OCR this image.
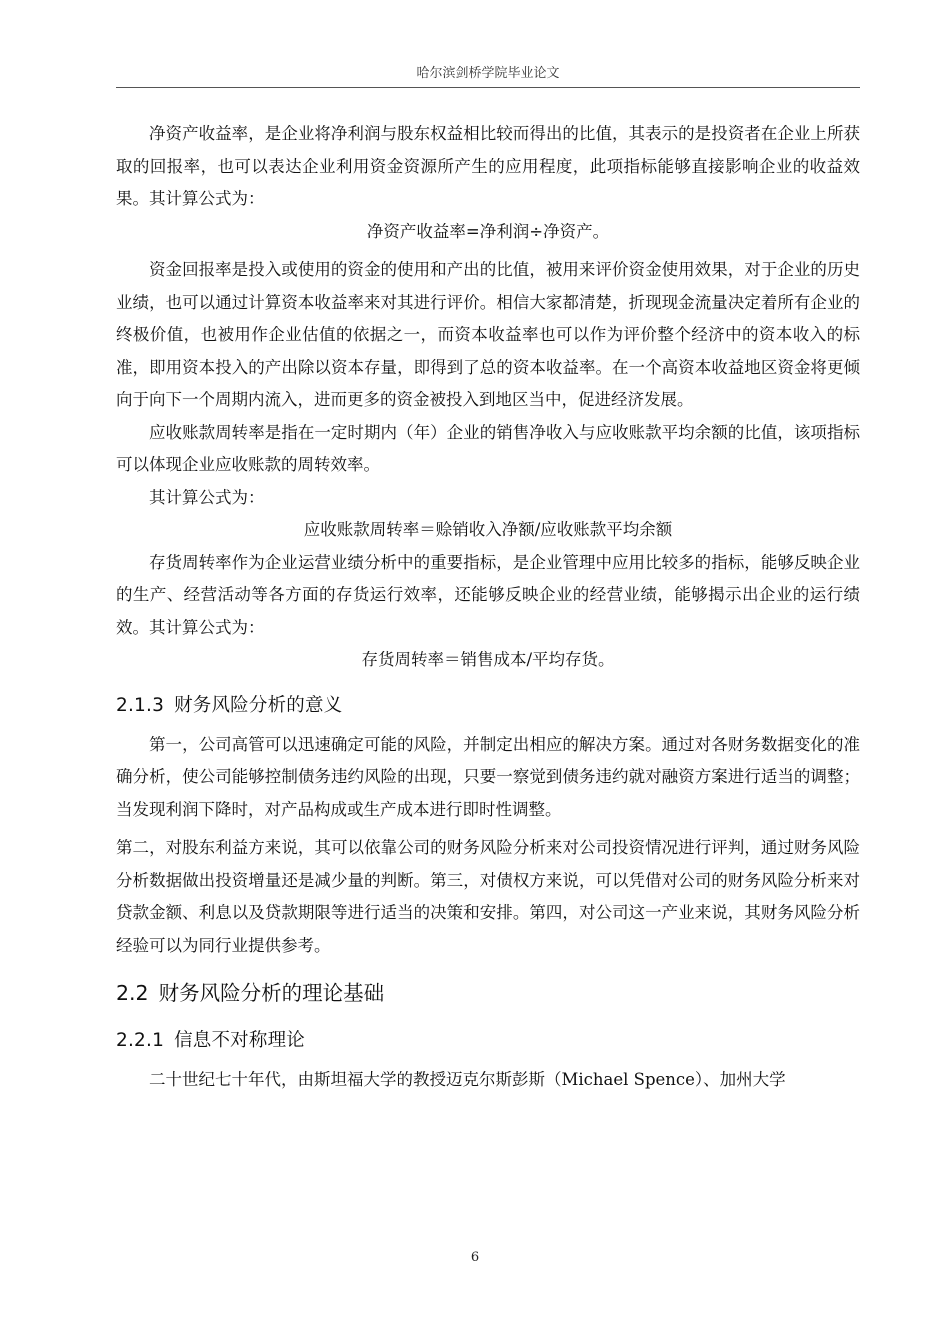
哈尔滨剑桥学院毕业论文

净资产收益率，是企业将净利润与股东权益相比较而得出的比值，其表示的是投资者在企业上所获取的回报率，也可以表达企业利用资金资源所产生的应用程度，此项指标能够直接影响企业的收益效果。其计算公式为：

净资产收益率=净利润÷净资产。

资金回报率是投入或使用的资金的使用和产出的比值，被用来评价资金使用效果，对于企业的历史业绩，也可以通过计算资本收益率来对其进行评价。相信大家都清楚，折现现金流量决定着所有企业的终极价值，也被用作企业估值的依据之一，而资本收益率也可以作为评价整个经济中的资本收入的标准，即用资本投入的产出除以资本存量，即得到了总的资本收益率。在一个高资本收益地区资金将更倾向于向下一个周期内流入，进而更多的资金被投入到地区当中，促进经济发展。

应收账款周转率是指在一定时期内（年）企业的销售净收入与应收账款平均余额的比值，该项指标可以体现企业应收账款的周转效率。

其计算公式为：

应收账款周转率＝赊销收入净额/应收账款平均余额

存货周转率作为企业运营业绩分析中的重要指标，是企业管理中应用比较多的指标，能够反映企业的生产、经营活动等各方面的存货运行效率，还能够反映企业的经营业绩，能够揭示出企业的运行绩效。其计算公式为：

存货周转率＝销售成本/平均存货。

2.1.3 财务风险分析的意义

第一，公司高管可以迅速确定可能的风险，并制定出相应的解决方案。通过对各财务数据变化的准确分析，使公司能够控制债务违约风险的出现，只要一察觉到债务违约就对融资方案进行适当的调整；当发现利润下降时，对产品构成或生产成本进行即时性调整。

第二，对股东利益方来说，其可以依靠公司的财务风险分析来对公司投资情况进行评判，通过财务风险分析数据做出投资增量还是减少量的判断。第三，对债权方来说，可以凭借对公司的财务风险分析来对贷款金额、利息以及贷款期限等进行适当的决策和安排。第四，对公司这一产业来说，其财务风险分析经验可以为同行业提供参考。

2.2 财务风险分析的理论基础
2.2.1 信息不对称理论

二十世纪七十年代，由斯坦福大学的教授迈克尔斯彭斯（Michael Spence）、加州大学

6
